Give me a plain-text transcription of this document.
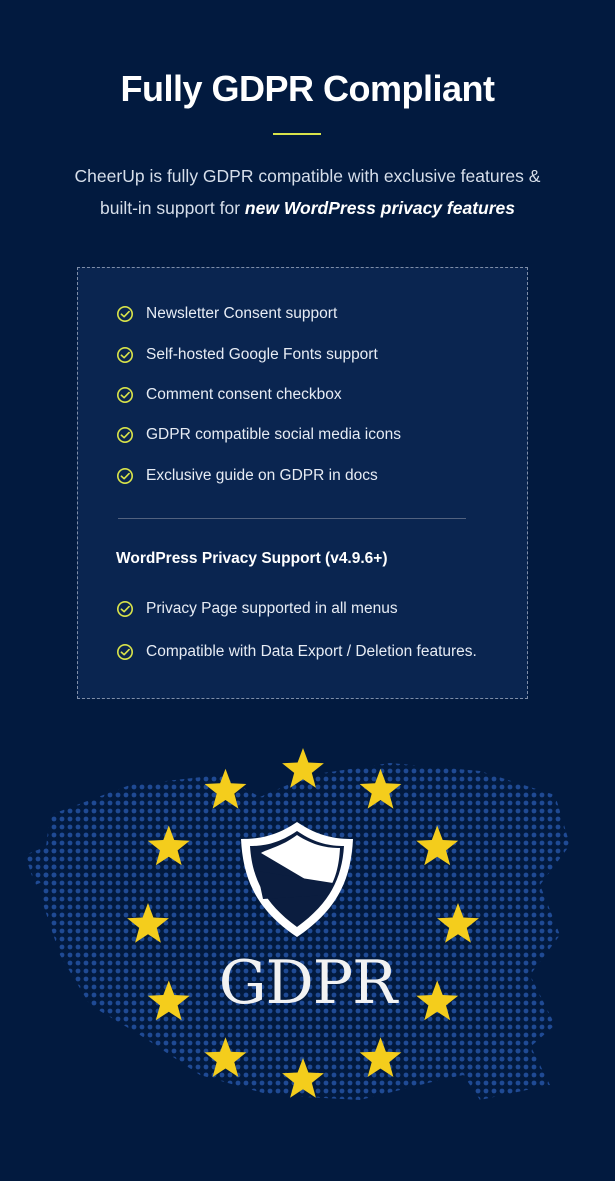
Fully GDPR Compliant
CheerUp is fully GDPR compatible with exclusive features &
built-in support for new WordPress privacy features
Newsletter Consent support
Self-hosted Google Fonts support
Comment consent checkbox
GDPR compatible social media icons
Exclusive guide on GDPR in docs
WordPress Privacy Support (v4.9.6+)
Privacy Page supported in all menus
Compatible with Data Export / Deletion features.
GDPR
